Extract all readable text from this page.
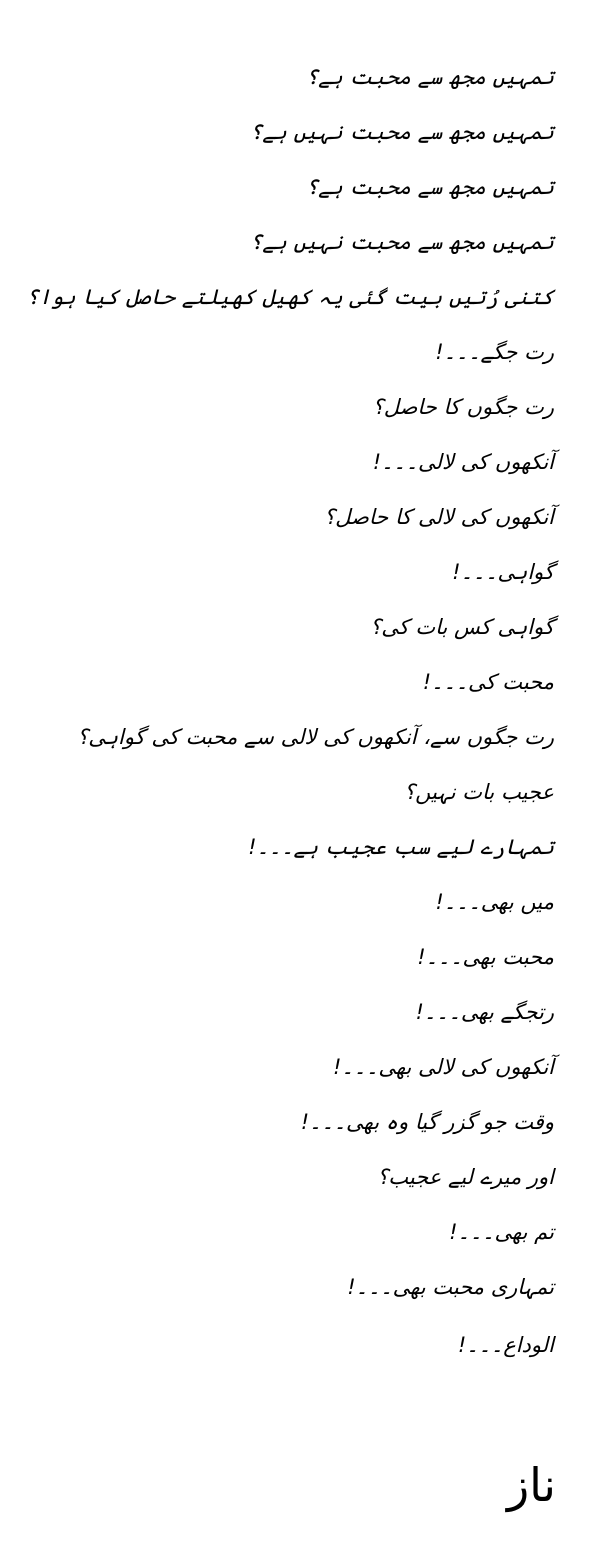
تمہیں مجھ سے محبت ہے؟
تمہیں مجھ سے محبت نہیں ہے؟
تمہیں مجھ سے محبت ہے؟
تمہیں مجھ سے محبت نہیں ہے؟
کتنی رُتیں بیت گئی یہ کھیل کھیلتے حاصل کیا ہوا؟
رت جگے۔۔۔!
رت جگوں کا حاصل؟
آنکھوں کی لالی۔۔۔!
آنکھوں کی لالی کا حاصل؟
گواہی۔۔۔!
گواہی کس بات کی؟
محبت کی۔۔۔!
رت جگوں سے، آنکھوں کی لالی سے محبت کی گواہی؟
عجیب بات نہیں؟
تمہارے لیے سب عجیب ہے۔۔۔!
میں بھی۔۔۔!
محبت بھی۔۔۔!
رتجگے بھی۔۔۔!
آنکھوں کی لالی بھی۔۔۔!
وقت جو گزر گیا وہ بھی۔۔۔!
اور میرے لیے عجیب؟
تم بھی۔۔۔!
تمہاری محبت بھی۔۔۔!
الوداع۔۔۔!
ناز
